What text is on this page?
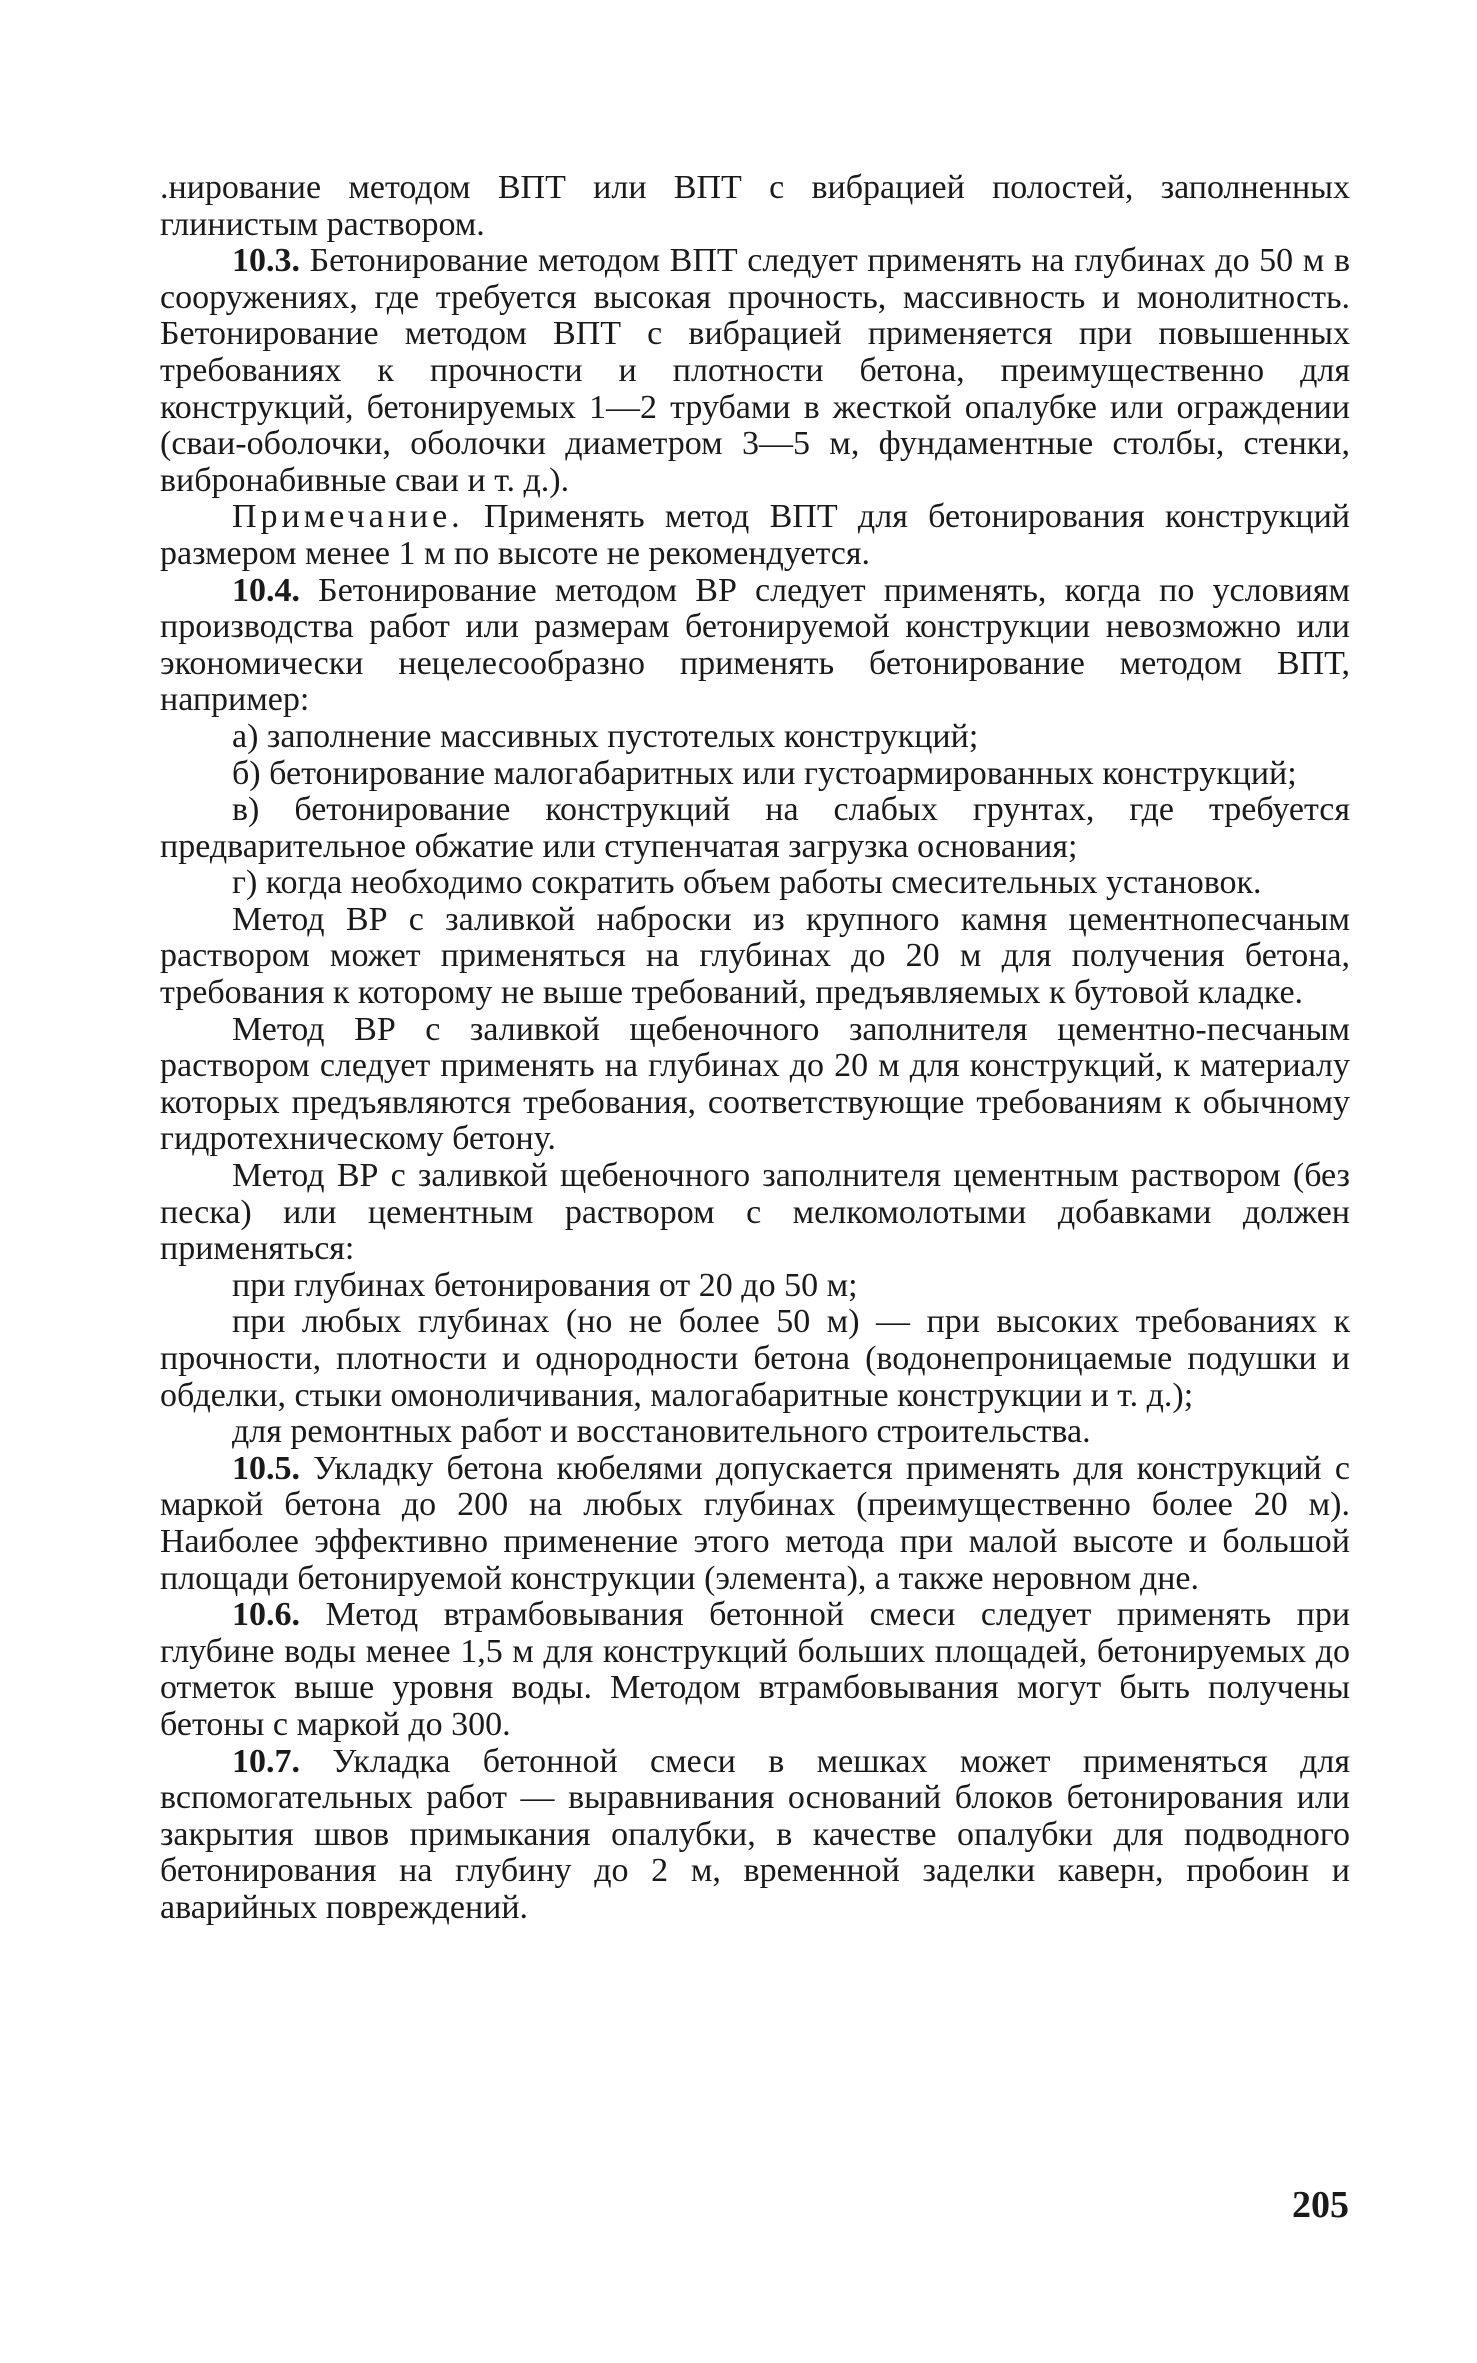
.нирование методом ВПТ или ВПТ с вибрацией полостей, заполненных глинистым раствором.

10.3. Бетонирование методом ВПТ следует применять на глубинах до 50 м в сооружениях, где требуется высокая прочность, массивность и монолитность. Бетонирование методом ВПТ с вибрацией применяется при повышенных требованиях к прочности и плотности бетона, преимущественно для конструкций, бетонируемых 1—2 трубами в жесткой опалубке или ограждении (сваи-оболочки, оболочки диаметром 3—5 м, фундаментные столбы, стенки, вибронабивные сваи и т. д.).

Примечание. Применять метод ВПТ для бетонирования конструкций размером менее 1 м по высоте не рекомендуется.

10.4. Бетонирование методом ВР следует применять, когда по условиям производства работ или размерам бетонируемой конструкции невозможно или экономически нецелесообразно применять бетонирование методом ВПТ, например:

а) заполнение массивных пустотелых конструкций;

б) бетонирование малогабаритных или густоармированных конструкций;

в) бетонирование конструкций на слабых грунтах, где требуется предварительное обжатие или ступенчатая загрузка основания;

г) когда необходимо сократить объем работы смесительных установок.

Метод ВР с заливкой наброски из крупного камня цементнопесчаным раствором может применяться на глубинах до 20 м для получения бетона, требования к которому не выше требований, предъявляемых к бутовой кладке.

Метод ВР с заливкой щебеночного заполнителя цементно-песчаным раствором следует применять на глубинах до 20 м для конструкций, к материалу которых предъявляются требования, соответствующие требованиям к обычному гидротехническому бетону.

Метод ВР с заливкой щебеночного заполнителя цементным раствором (без песка) или цементным раствором с мелкомолотыми добавками должен применяться:

при глубинах бетонирования от 20 до 50 м;

при любых глубинах (но не более 50 м) — при высоких требованиях к прочности, плотности и однородности бетона (водонепроницаемые подушки и обделки, стыки омоноличивания, малогабаритные конструкции и т. д.);

для ремонтных работ и восстановительного строительства.

10.5. Укладку бетона кюбелями допускается применять для конструкций с маркой бетона до 200 на любых глубинах (преимущественно более 20 м). Наиболее эффективно применение этого метода при малой высоте и большой площади бетонируемой конструкции (элемента), а также неровном дне.

10.6. Метод втрамбовывания бетонной смеси следует применять при глубине воды менее 1,5 м для конструкций больших площадей, бетонируемых до отметок выше уровня воды. Методом втрамбовывания могут быть получены бетоны с маркой до 300.

10.7. Укладка бетонной смеси в мешках может применяться для вспомогательных работ — выравнивания оснований блоков бетонирования или закрытия швов примыкания опалубки, в качестве опалубки для подводного бетонирования на глубину до 2 м, временной заделки каверн, пробоин и аварийных повреждений.

205
